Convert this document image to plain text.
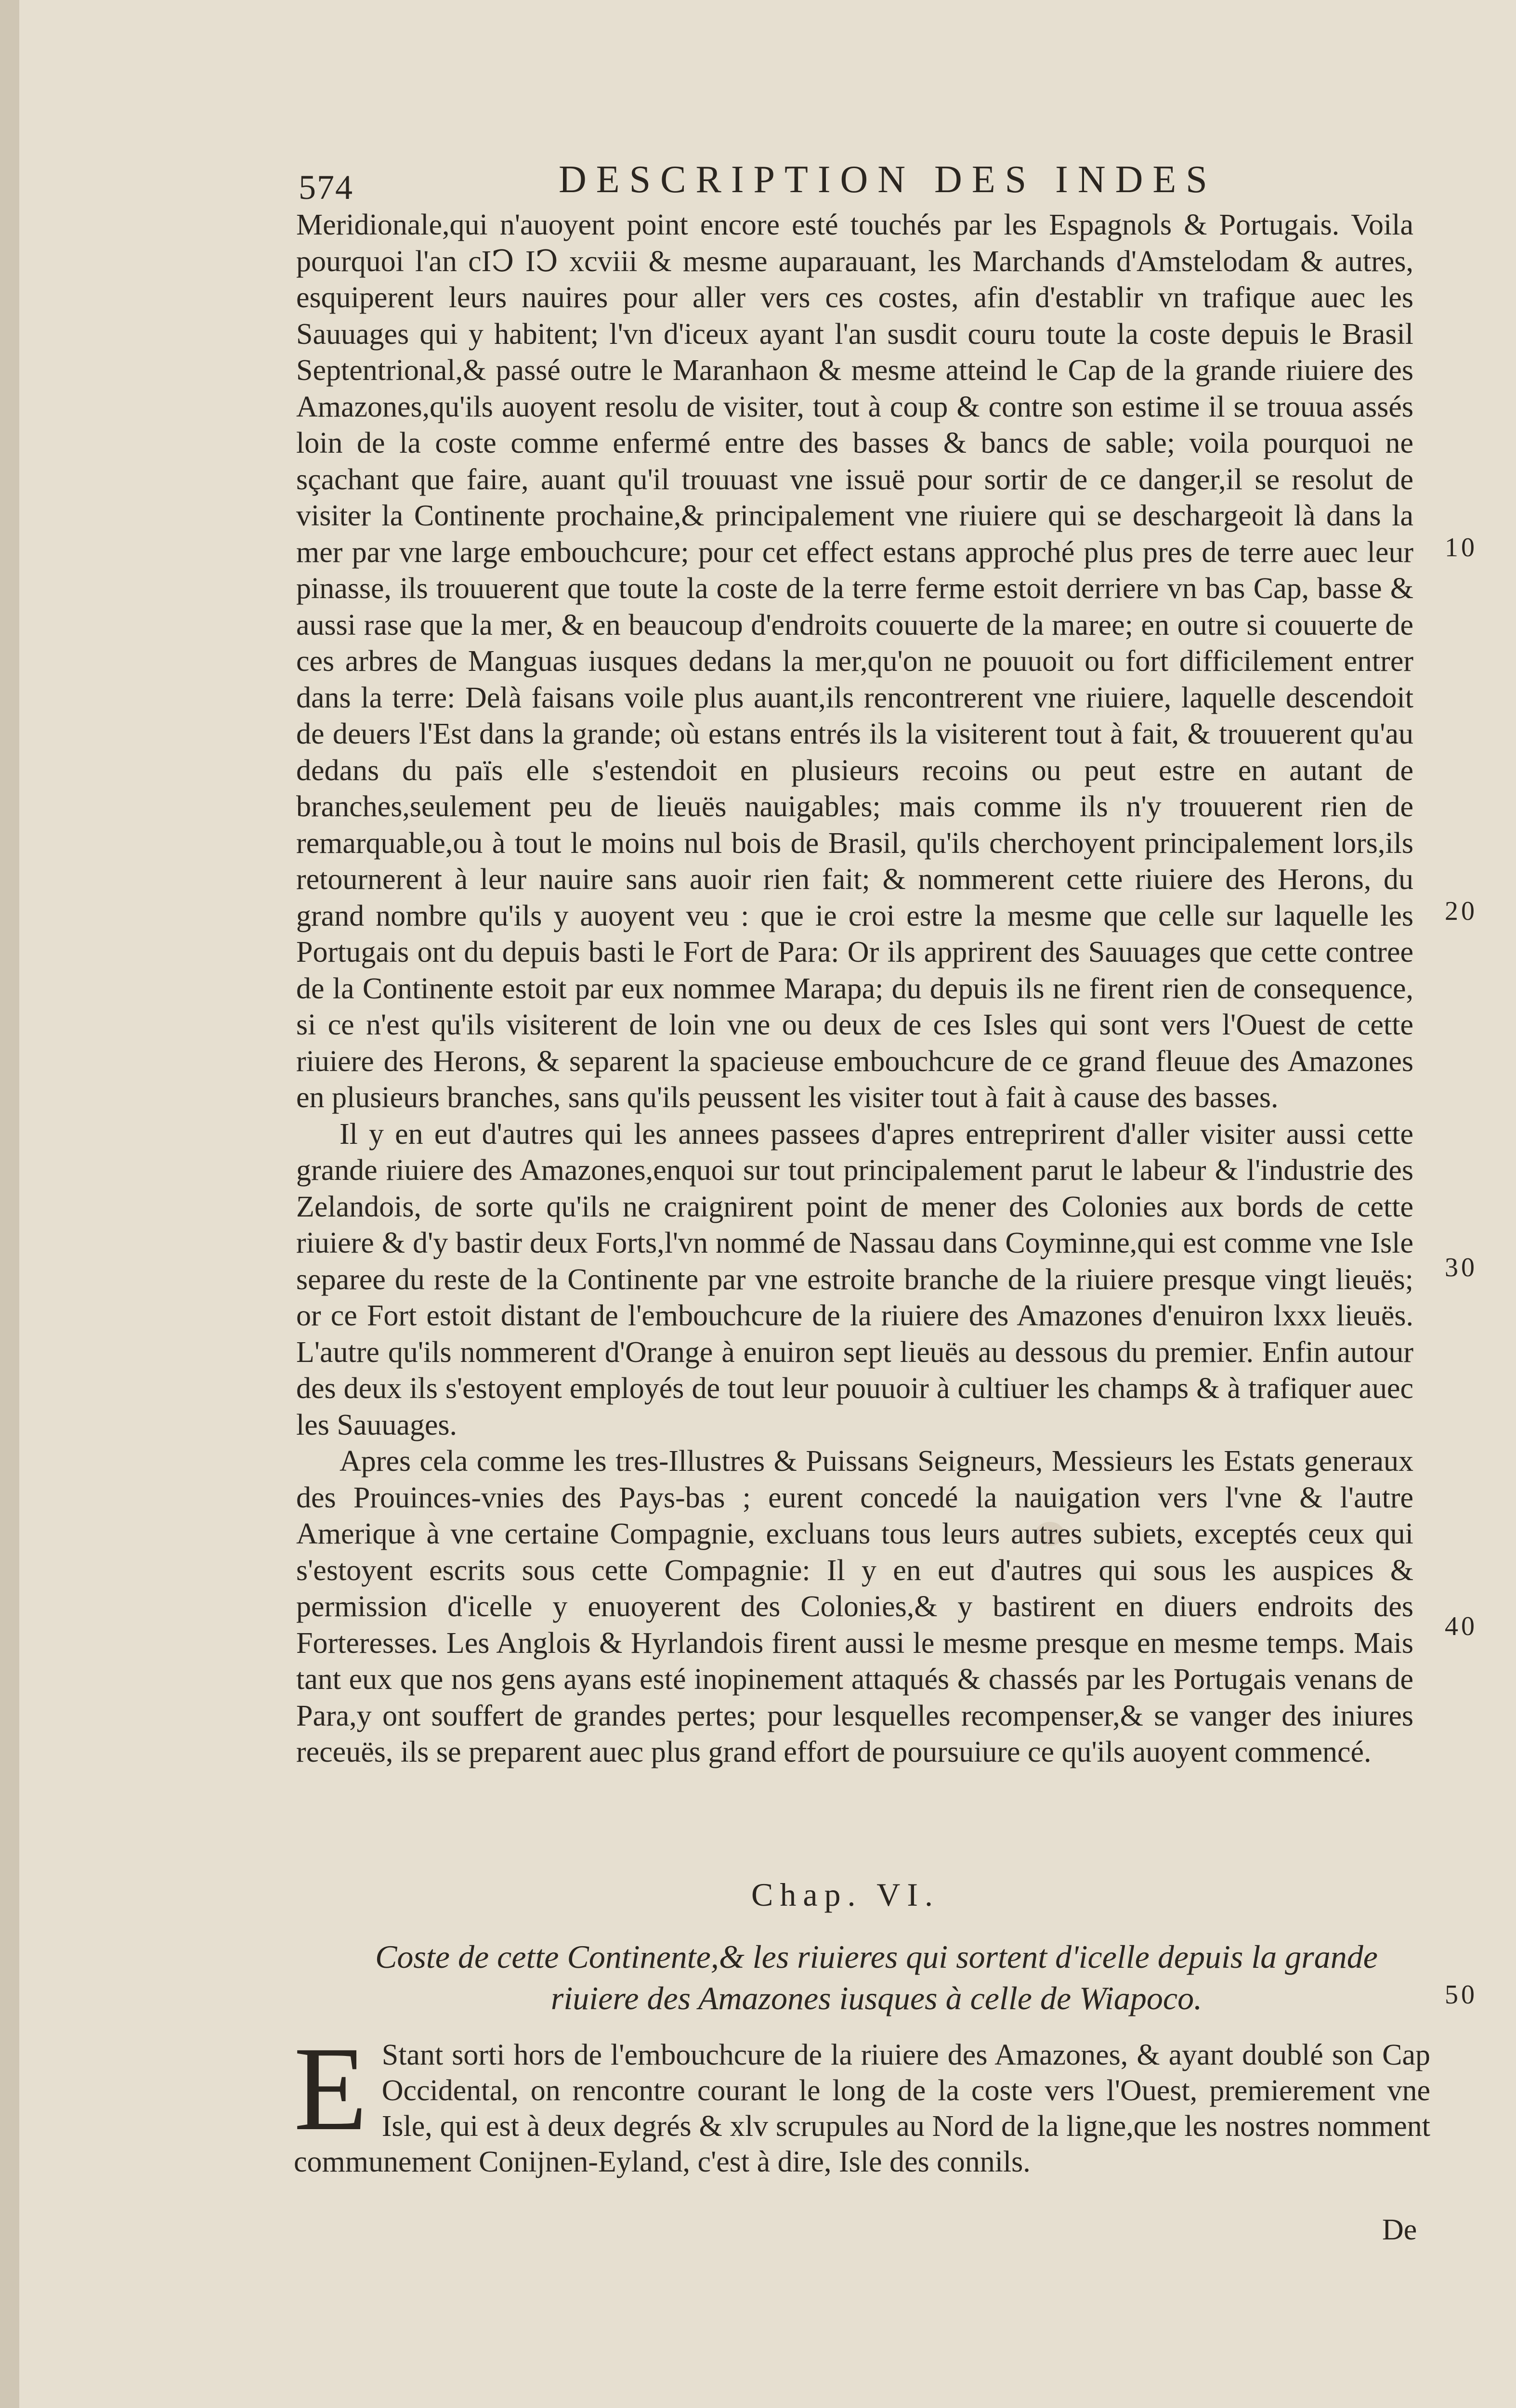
574	DESCRIPTION DES INDES

Meridionale,qui n'auoyent point encore esté touchés par les Espagnols & Portugais. Voila pourquoi l'an cIↃ IↃ xcviii & mesme auparauant, les Marchands d'Amstelodam & autres, esquiperent leurs nauires pour aller vers ces costes, afin d'establir vn trafique auec les Sauuages qui y habitent; l'vn d'iceux ayant l'an susdit couru toute la coste depuis le Brasil Septentrional,& passé outre le Maranhaon & mesme atteind le Cap de la grande riuiere des Amazones,qu'ils auoyent resolu de visiter, tout à coup & contre son estime il se trouua assés loin de la coste comme enfermé entre des basses & bancs de sable; voila pourquoi ne sçachant que faire, auant qu'il trouuast vne issuë pour sortir de ce danger,il se resolut de visiter la Continente prochaine,& principalement vne riuiere qui se deschargeoit là dans la mer par vne large embouchcure; pour cet effect estans approché plus pres de terre auec leur pinasse, ils trouuerent que toute la coste de la terre ferme estoit derriere vn bas Cap, basse & aussi rase que la mer, & en beaucoup d'endroits couuerte de la maree; en outre si couuerte de ces arbres de Manguas iusques dedans la mer,qu'on ne pouuoit ou fort difficilement entrer dans la terre: Delà faisans voile plus auant,ils rencontrerent vne riuiere, laquelle descendoit de deuers l'Est dans la grande; où estans entrés ils la visiterent tout à fait, & trouuerent qu'au dedans du païs elle s'estendoit en plusieurs recoins ou peut estre en autant de branches,seulement peu de lieuës nauigables; mais comme ils n'y trouuerent rien de remarquable,ou à tout le moins nul bois de Brasil, qu'ils cherchoyent principalement lors,ils retournerent à leur nauire sans auoir rien fait; & nommerent cette riuiere des Herons, du grand nombre qu'ils y auoyent veu : que ie croi estre la mesme que celle sur laquelle les Portugais ont du depuis basti le Fort de Para: Or ils apprirent des Sauuages que cette contree de la Continente estoit par eux nommee Marapa; du depuis ils ne firent rien de consequence, si ce n'est qu'ils visiterent de loin vne ou deux de ces Isles qui sont vers l'Ouest de cette riuiere des Herons, & separent la spacieuse embouchcure de ce grand fleuue des Amazones en plusieurs branches, sans qu'ils peussent les visiter tout à fait à cause des basses.

Il y en eut d'autres qui les annees passees d'apres entreprirent d'aller visiter aussi cette grande riuiere des Amazones,enquoi sur tout principalement parut le labeur & l'industrie des Zelandois, de sorte qu'ils ne craignirent point de mener des Colonies aux bords de cette riuiere & d'y bastir deux Forts,l'vn nommé de Nassau dans Coyminne,qui est comme vne Isle separee du reste de la Continente par vne estroite branche de la riuiere presque vingt lieuës; or ce Fort estoit distant de l'embouchcure de la riuiere des Amazones d'enuiron lxxx lieuës. L'autre qu'ils nommerent d'Orange à enuiron sept lieuës au dessous du premier. Enfin autour des deux ils s'estoyent employés de tout leur pouuoir à cultiuer les champs & à trafiquer auec les Sauuages.

Apres cela comme les tres-Illustres & Puissans Seigneurs, Messieurs les Estats generaux des Prouinces-vnies des Pays-bas ; eurent concedé la nauigation vers l'vne & l'autre Amerique à vne certaine Compagnie, excluans tous leurs autres subiets, exceptés ceux qui s'estoyent escrits sous cette Compagnie: Il y en eut d'autres qui sous les auspices & permission d'icelle y enuoyerent des Colonies,& y bastirent en diuers endroits des Forteresses. Les Anglois & Hyrlandois firent aussi le mesme presque en mesme temps. Mais tant eux que nos gens ayans esté inopinement attaqués & chassés par les Portugais venans de Para,y ont souffert de grandes pertes; pour lesquelles recompenser,& se vanger des iniures receuës, ils se preparent auec plus grand effort de poursuiure ce qu'ils auoyent commencé.

10
20
30
40
50
Chap. VI.
Coste de cette Continente,& les riuieres qui sortent d'icelle depuis la grande riuiere des Amazones iusques à celle de Wiapoco.
E Stant sorti hors de l'embouchcure de la riuiere des Amazones, & ayant doublé son Cap Occidental, on rencontre courant le long de la coste vers l'Ouest, premierement vne Isle, qui est à deux degrés & xlv scrupules au Nord de la ligne,que les nostres nomment communement Conijnen-Eyland, c'est à dire, Isle des connils.
De
